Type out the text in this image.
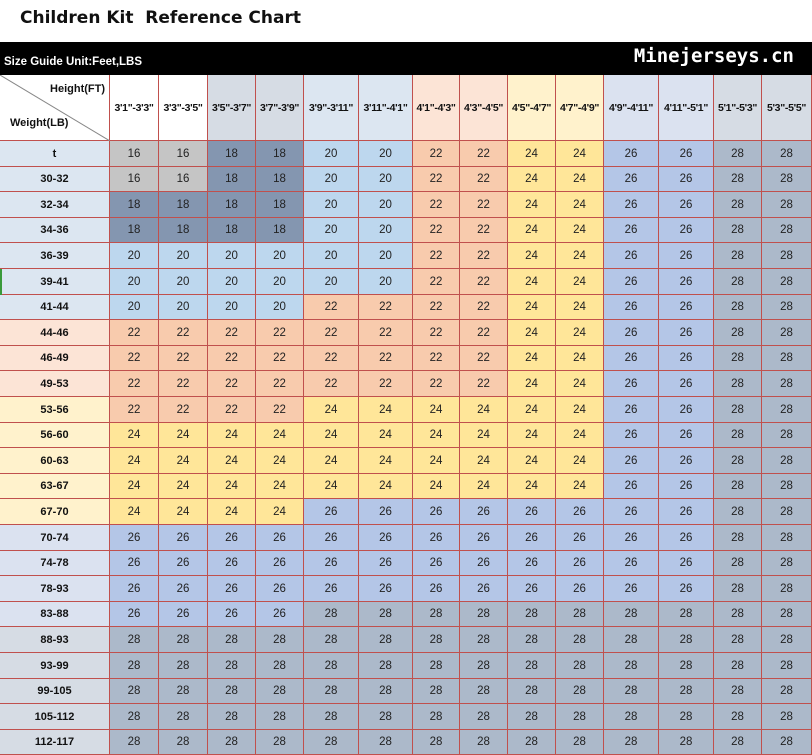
Children Kit  Reference Chart
Size Guide Unit:Feet,LBS	Minejerseys.cn
Height(FT)
Weight(LB)
3'1"-3'3" 3'3"-3'5" 3'5"-3'7" 3'7"-3'9" 3'9"-3'11" 3'11"-4'1" 4'1"-4'3" 4'3"-4'5" 4'5"-4'7" 4'7"-4'9" 4'9"-4'11"	4'11"-5'1" 5'1"-5'3" 5'3"-5'5"
t	16	16	18	18	20	20	22	22	24	24	26	26	28	28
30-32	16	16	18	18	20	20	22	22	24	24	26	26	28	28
32-34	18	18	18	18	20	20	22	22	24	24	26	26	28	28
34-36	18	18	18	18	20	20	22	22	24	24	26	26	28	28
36-39	20	20	20	20	20	20	22	22	24	24	26	26	28	28
39-41	20	20	20	20	20	20	22	22	24	24	26	26	28	28
41-44	20	20	20	20	22	22	22	22	24	24	26	26	28	28
44-46	22	22	22	22	22	22	22	22	24	24	26	26	28	28
46-49	22	22	22	22	22	22	22	22	24	24	26	26	28	28
49-53	22	22	22	22	22	22	22	22	24	24	26	26	28	28
53-56	22	22	22	22	24	24	24	24	24	24	26	26	28	28
56-60	24	24	24	24	24	24	24	24	24	24	26	26	28	28
60-63	24	24	24	24	24	24	24	24	24	24	26	26	28	28
63-67	24	24	24	24	24	24	24	24	24	24	26	26	28	28
67-70	24	24	24	24	26	26	26	26	26	26	26	26	28	28
70-74	26	26	26	26	26	26	26	26	26	26	26	26	28	28
74-78	26	26	26	26	26	26	26	26	26	26	26	26	28	28
78-93	26	26	26	26	26	26	26	26	26	26	26	26	28	28
83-88	26	26	26	26	28	28	28	28	28	28	28	28	28	28
88-93	28	28	28	28	28	28	28	28	28	28	28	28	28	28
93-99	28	28	28	28	28	28	28	28	28	28	28	28	28	28
99-105	28	28	28	28	28	28	28	28	28	28	28	28	28	28
105-112	28	28	28	28	28	28	28	28	28	28	28	28	28	28
112-117	28	28	28	28	28	28	28	28	28	28	28	28	28	28
